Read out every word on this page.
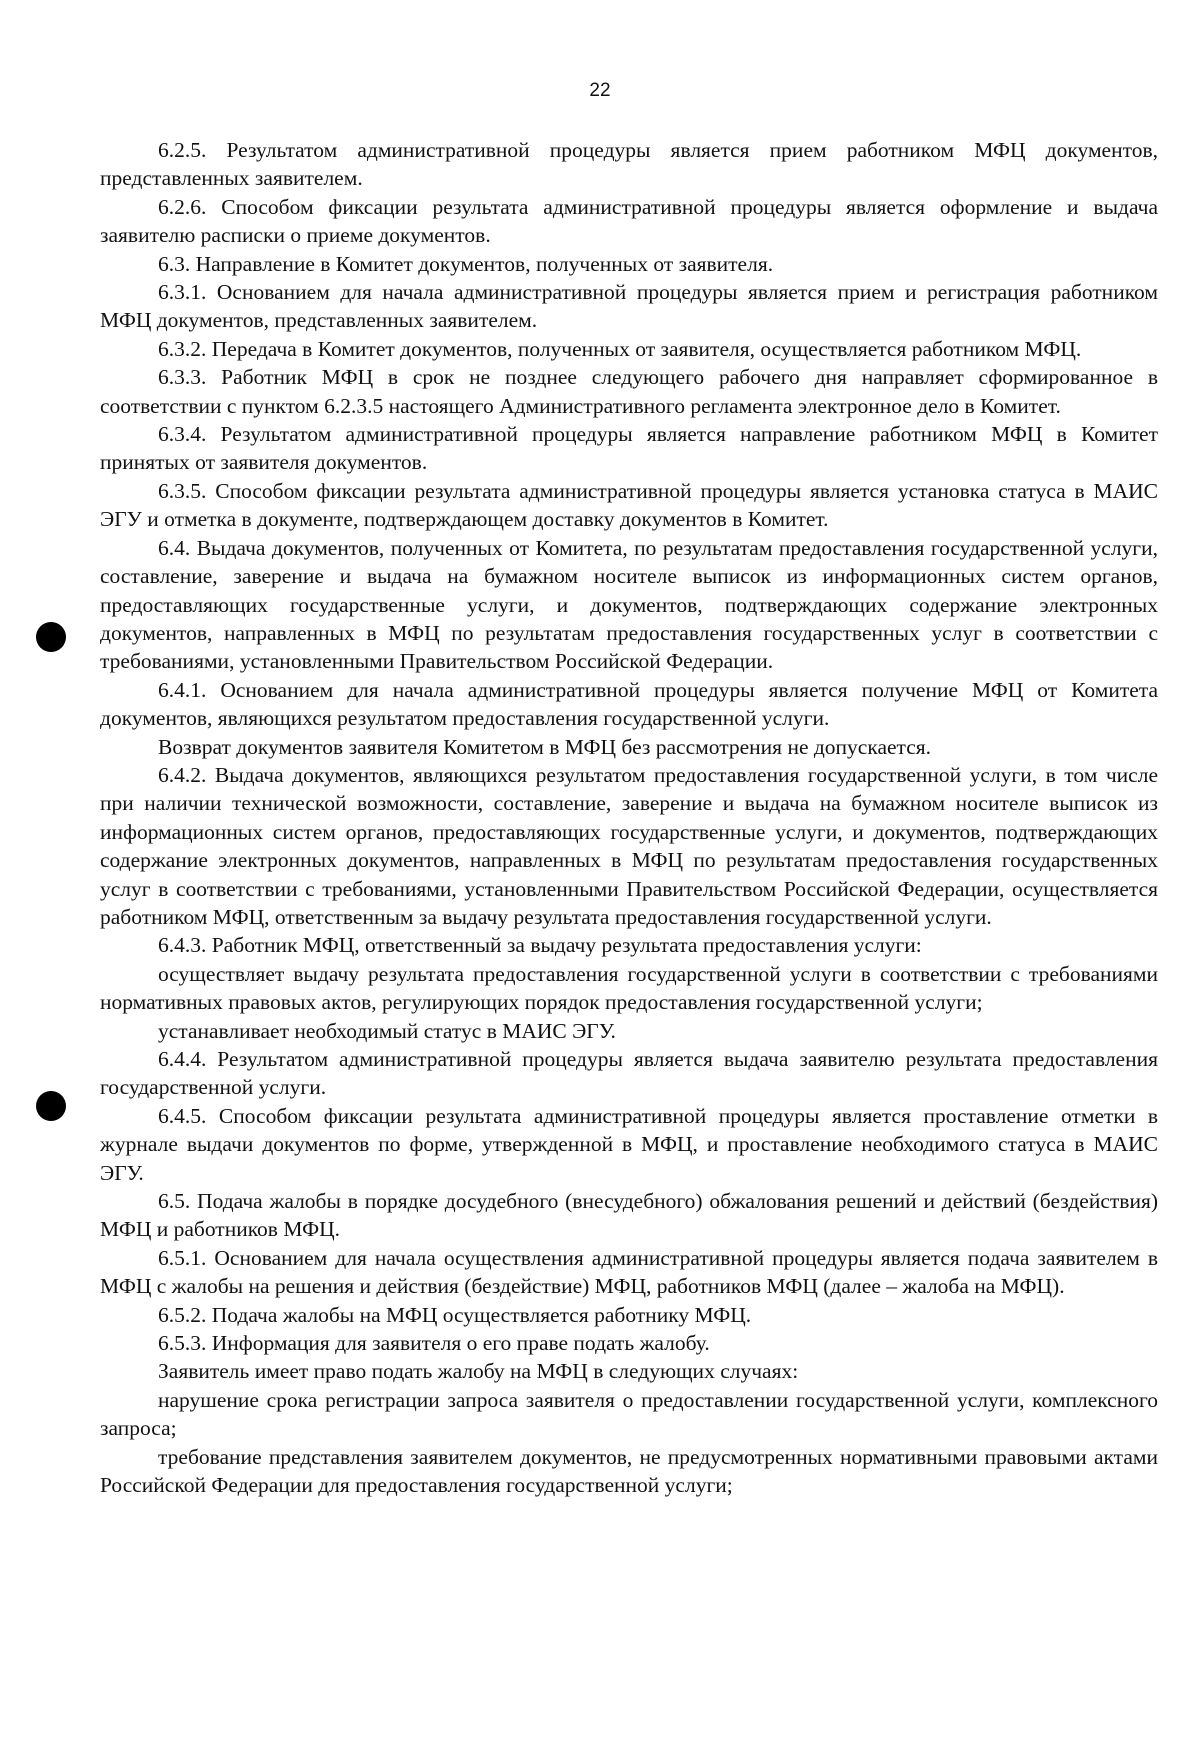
22

6.2.5. Результатом административной процедуры является прием работником МФЦ документов, представленных заявителем.

6.2.6. Способом фиксации результата административной процедуры является оформление и выдача заявителю расписки о приеме документов.

6.3. Направление в Комитет документов, полученных от заявителя.

6.3.1. Основанием для начала административной процедуры является прием и регистрация работником МФЦ документов, представленных заявителем.

6.3.2. Передача в Комитет документов, полученных от заявителя, осуществляется работником МФЦ.

6.3.3. Работник МФЦ в срок не позднее следующего рабочего дня направляет сформированное в соответствии с пунктом 6.2.3.5 настоящего Административного регламента электронное дело в Комитет.

6.3.4. Результатом административной процедуры является направление работником МФЦ в Комитет принятых от заявителя документов.

6.3.5. Способом фиксации результата административной процедуры является установка статуса в МАИС ЭГУ и отметка в документе, подтверждающем доставку документов в Комитет.

6.4. Выдача документов, полученных от Комитета, по результатам предоставления государственной услуги, составление, заверение и выдача на бумажном носителе выписок из информационных систем органов, предоставляющих государственные услуги, и документов, подтверждающих содержание электронных документов, направленных в МФЦ по результатам предоставления государственных услуг в соответствии с требованиями, установленными Правительством Российской Федерации.

6.4.1. Основанием для начала административной процедуры является получение МФЦ от Комитета документов, являющихся результатом предоставления государственной услуги.

Возврат документов заявителя Комитетом в МФЦ без рассмотрения не допускается.

6.4.2. Выдача документов, являющихся результатом предоставления государственной услуги, в том числе при наличии технической возможности, составление, заверение и выдача на бумажном носителе выписок из информационных систем органов, предоставляющих государственные услуги, и документов, подтверждающих содержание электронных документов, направленных в МФЦ по результатам предоставления государственных услуг в соответствии с требованиями, установленными Правительством Российской Федерации, осуществляется работником МФЦ, ответственным за выдачу результата предоставления государственной услуги.

6.4.3. Работник МФЦ, ответственный за выдачу результата предоставления услуги:

осуществляет выдачу результата предоставления государственной услуги в соответствии с требованиями нормативных правовых актов, регулирующих порядок предоставления государственной услуги;

устанавливает необходимый статус в МАИС ЭГУ.

6.4.4. Результатом административной процедуры является выдача заявителю результата предоставления государственной услуги.

6.4.5. Способом фиксации результата административной процедуры является проставление отметки в журнале выдачи документов по форме, утвержденной в МФЦ, и проставление необходимого статуса в МАИС ЭГУ.

6.5. Подача жалобы в порядке досудебного (внесудебного) обжалования решений и действий (бездействия) МФЦ и работников МФЦ.

6.5.1. Основанием для начала осуществления административной процедуры является подача заявителем в МФЦ с жалобы на решения и действия (бездействие) МФЦ, работников МФЦ (далее – жалоба на МФЦ).

6.5.2. Подача жалобы на МФЦ осуществляется работнику МФЦ.

6.5.3. Информация для заявителя о его праве подать жалобу.

Заявитель имеет право подать жалобу на МФЦ в следующих случаях:

нарушение срока регистрации запроса заявителя о предоставлении государственной услуги, комплексного запроса;

требование представления заявителем документов, не предусмотренных нормативными правовыми актами Российской Федерации для предоставления государственной услуги;
